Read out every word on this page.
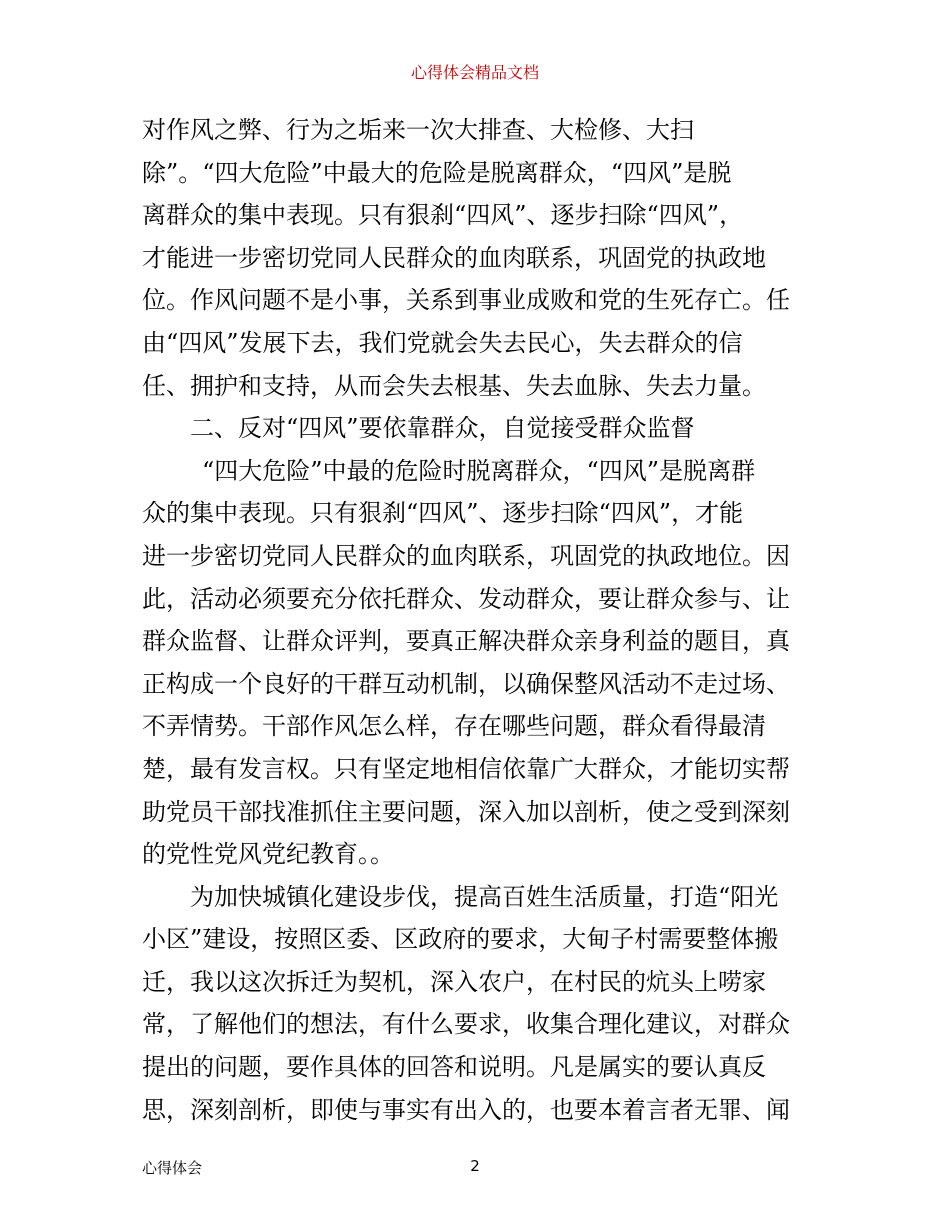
心得体会精品文档
对作风之弊、行为之垢来一次大排查、大检修、大扫
除”。“四大危险”中最大的危险是脱离群众，“四风”是脱
离群众的集中表现。只有狠刹“四风”、逐步扫除“四风”，
才能进一步密切党同人民群众的血肉联系，巩固党的执政地
位。作风问题不是小事，关系到事业成败和党的生死存亡。任
由“四风”发展下去，我们党就会失去民心，失去群众的信
任、拥护和支持，从而会失去根基、失去血脉、失去力量。
二、反对“四风”要依靠群众，自觉接受群众监督
“四大危险”中最的危险时脱离群众，“四风”是脱离群
众的集中表现。只有狠刹“四风”、逐步扫除“四风”，才能
进一步密切党同人民群众的血肉联系，巩固党的执政地位。因
此，活动必须要充分依托群众、发动群众，要让群众参与、让
群众监督、让群众评判，要真正解决群众亲身利益的题目，真
正构成一个良好的干群互动机制，以确保整风活动不走过场、
不弄情势。干部作风怎么样，存在哪些问题，群众看得最清
楚，最有发言权。只有坚定地相信依靠广大群众，才能切实帮
助党员干部找准抓住主要问题，深入加以剖析，使之受到深刻
的党性党风党纪教育。。
为加快城镇化建设步伐，提高百姓生活质量，打造“阳光
小区”建设，按照区委、区政府的要求，大甸子村需要整体搬
迁，我以这次拆迁为契机，深入农户，在村民的炕头上唠家
常，了解他们的想法，有什么要求，收集合理化建议，对群众
提出的问题，要作具体的回答和说明。凡是属实的要认真反
思，深刻剖析，即使与事实有出入的，也要本着言者无罪、闻
心得体会	2
